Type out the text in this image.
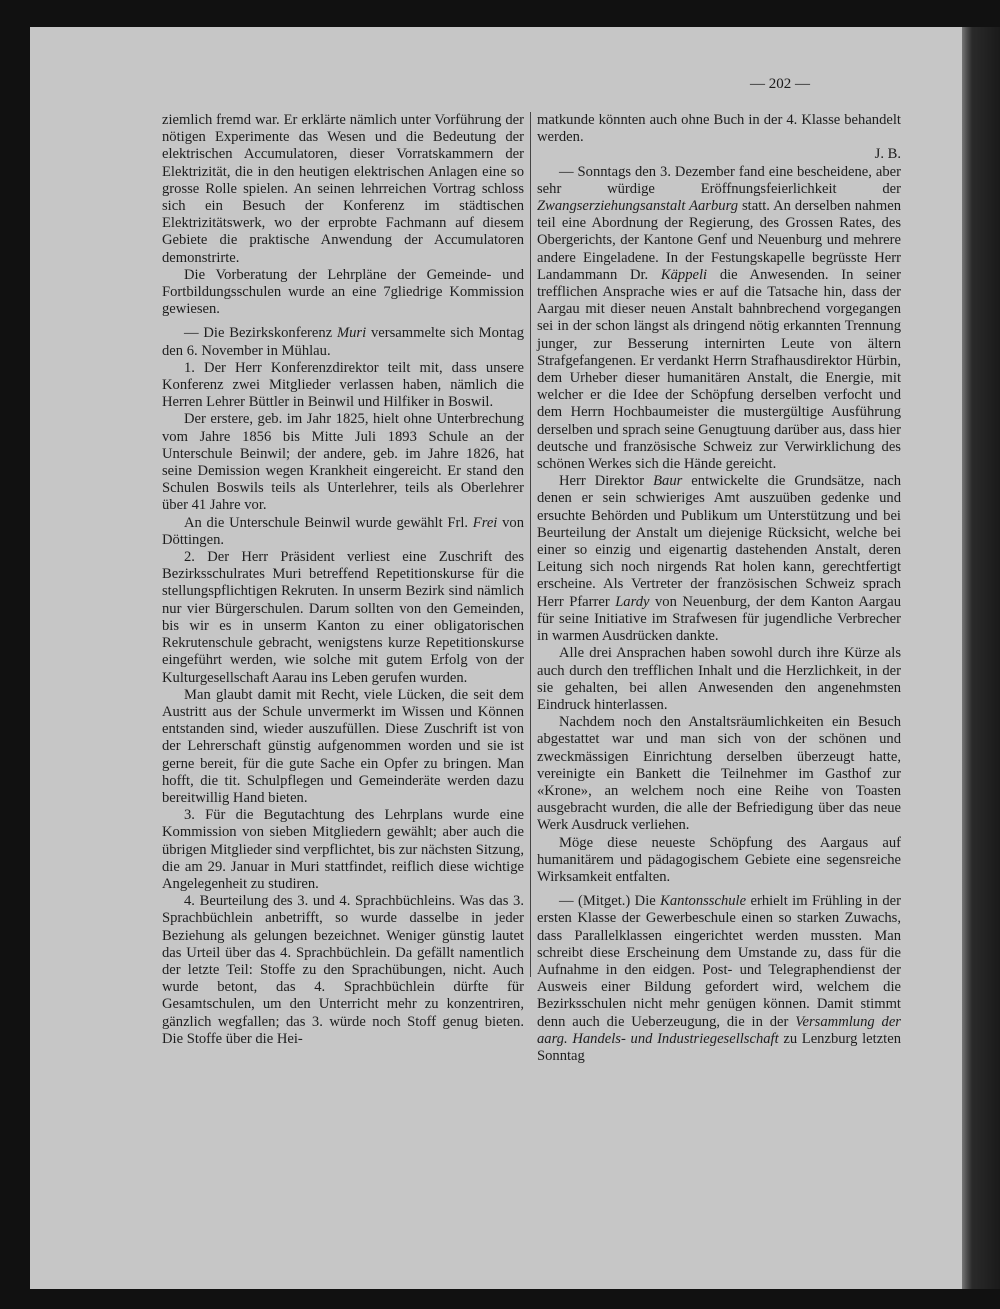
— 202 —

ziemlich fremd war. Er erklärte nämlich unter Vorführung der nötigen Experimente das Wesen und die Bedeutung der elektrischen Accumulatoren, dieser Vorratskammern der Elektrizität, die in den heutigen elektrischen Anlagen eine so grosse Rolle spielen. An seinen lehrreichen Vortrag schloss sich ein Besuch der Konferenz im städtischen Elektrizitätswerk, wo der erprobte Fachmann auf diesem Gebiete die praktische Anwendung der Accumulatoren demonstrirte.

Die Vorberatung der Lehrpläne der Gemeinde- und Fortbildungsschulen wurde an eine 7gliedrige Kommission gewiesen.

— Die Bezirkskonferenz Muri versammelte sich Montag den 6. November in Mühlau.

1. Der Herr Konferenzdirektor teilt mit, dass unsere Konferenz zwei Mitglieder verlassen haben, nämlich die Herren Lehrer Büttler in Beinwil und Hilfiker in Boswil.

Der erstere, geb. im Jahr 1825, hielt ohne Unterbrechung vom Jahre 1856 bis Mitte Juli 1893 Schule an der Unterschule Beinwil; der andere, geb. im Jahre 1826, hat seine Demission wegen Krankheit eingereicht. Er stand den Schulen Boswils teils als Unterlehrer, teils als Oberlehrer über 41 Jahre vor.

An die Unterschule Beinwil wurde gewählt Frl. Frei von Döttingen.

2. Der Herr Präsident verliest eine Zuschrift des Bezirksschulrates Muri betreffend Repetitionskurse für die stellungspflichtigen Rekruten. In unserm Bezirk sind nämlich nur vier Bürgerschulen. Darum sollten von den Gemeinden, bis wir es in unserm Kanton zu einer obligatorischen Rekrutenschule gebracht, wenigstens kurze Repetitionskurse eingeführt werden, wie solche mit gutem Erfolg von der Kulturgesellschaft Aarau ins Leben gerufen wurden.

Man glaubt damit mit Recht, viele Lücken, die seit dem Austritt aus der Schule unvermerkt im Wissen und Können entstanden sind, wieder auszufüllen. Diese Zuschrift ist von der Lehrerschaft günstig aufgenommen worden und sie ist gerne bereit, für die gute Sache ein Opfer zu bringen. Man hofft, die tit. Schulpflegen und Gemeinderäte werden dazu bereitwillig Hand bieten.

3. Für die Begutachtung des Lehrplans wurde eine Kommission von sieben Mitgliedern gewählt; aber auch die übrigen Mitglieder sind verpflichtet, bis zur nächsten Sitzung, die am 29. Januar in Muri stattfindet, reiflich diese wichtige Angelegenheit zu studiren.

4. Beurteilung des 3. und 4. Sprachbüchleins. Was das 3. Sprachbüchlein anbetrifft, so wurde dasselbe in jeder Beziehung als gelungen bezeichnet. Weniger günstig lautet das Urteil über das 4. Sprachbüchlein. Da gefällt namentlich der letzte Teil: Stoffe zu den Sprachübungen, nicht. Auch wurde betont, das 4. Sprachbüchlein dürfte für Gesamtschulen, um den Unterricht mehr zu konzentriren, gänzlich wegfallen; das 3. würde noch Stoff genug bieten. Die Stoffe über die Hei-

matkunde könnten auch ohne Buch in der 4. Klasse behandelt werden.

J. B.

— Sonntags den 3. Dezember fand eine bescheidene, aber sehr würdige Eröffnungsfeierlichkeit der Zwangserziehungsanstalt Aarburg statt. An derselben nahmen teil eine Abordnung der Regierung, des Grossen Rates, des Obergerichts, der Kantone Genf und Neuenburg und mehrere andere Eingeladene. In der Festungskapelle begrüsste Herr Landammann Dr. Käppeli die Anwesenden. In seiner trefflichen Ansprache wies er auf die Tatsache hin, dass der Aargau mit dieser neuen Anstalt bahnbrechend vorgegangen sei in der schon längst als dringend nötig erkannten Trennung junger, zur Besserung internirten Leute von ältern Strafgefangenen. Er verdankt Herrn Strafhausdirektor Hürbin, dem Urheber dieser humanitären Anstalt, die Energie, mit welcher er die Idee der Schöpfung derselben verfocht und dem Herrn Hochbaumeister die mustergültige Ausführung derselben und sprach seine Genugtuung darüber aus, dass hier deutsche und französische Schweiz zur Verwirklichung des schönen Werkes sich die Hände gereicht.

Herr Direktor Baur entwickelte die Grundsätze, nach denen er sein schwieriges Amt auszuüben gedenke und ersuchte Behörden und Publikum um Unterstützung und bei Beurteilung der Anstalt um diejenige Rücksicht, welche bei einer so einzig und eigenartig dastehenden Anstalt, deren Leitung sich noch nirgends Rat holen kann, gerechtfertigt erscheine. Als Vertreter der französischen Schweiz sprach Herr Pfarrer Lardy von Neuenburg, der dem Kanton Aargau für seine Initiative im Strafwesen für jugendliche Verbrecher in warmen Ausdrücken dankte.

Alle drei Ansprachen haben sowohl durch ihre Kürze als auch durch den trefflichen Inhalt und die Herzlichkeit, in der sie gehalten, bei allen Anwesenden den angenehmsten Eindruck hinterlassen.

Nachdem noch den Anstaltsräumlichkeiten ein Besuch abgestattet war und man sich von der schönen und zweckmässigen Einrichtung derselben überzeugt hatte, vereinigte ein Bankett die Teilnehmer im Gasthof zur «Krone», an welchem noch eine Reihe von Toasten ausgebracht wurden, die alle der Befriedigung über das neue Werk Ausdruck verliehen.

Möge diese neueste Schöpfung des Aargaus auf humanitärem und pädagogischem Gebiete eine segensreiche Wirksamkeit entfalten.

— (Mitget.) Die Kantonsschule erhielt im Frühling in der ersten Klasse der Gewerbeschule einen so starken Zuwachs, dass Parallelklassen eingerichtet werden mussten. Man schreibt diese Erscheinung dem Umstande zu, dass für die Aufnahme in den eidgen. Post- und Telegraphendienst der Ausweis einer Bildung gefordert wird, welchem die Bezirksschulen nicht mehr genügen können. Damit stimmt denn auch die Ueberzeugung, die in der Versammlung der aarg. Handels- und Industriegesellschaft zu Lenzburg letzten Sonntag
